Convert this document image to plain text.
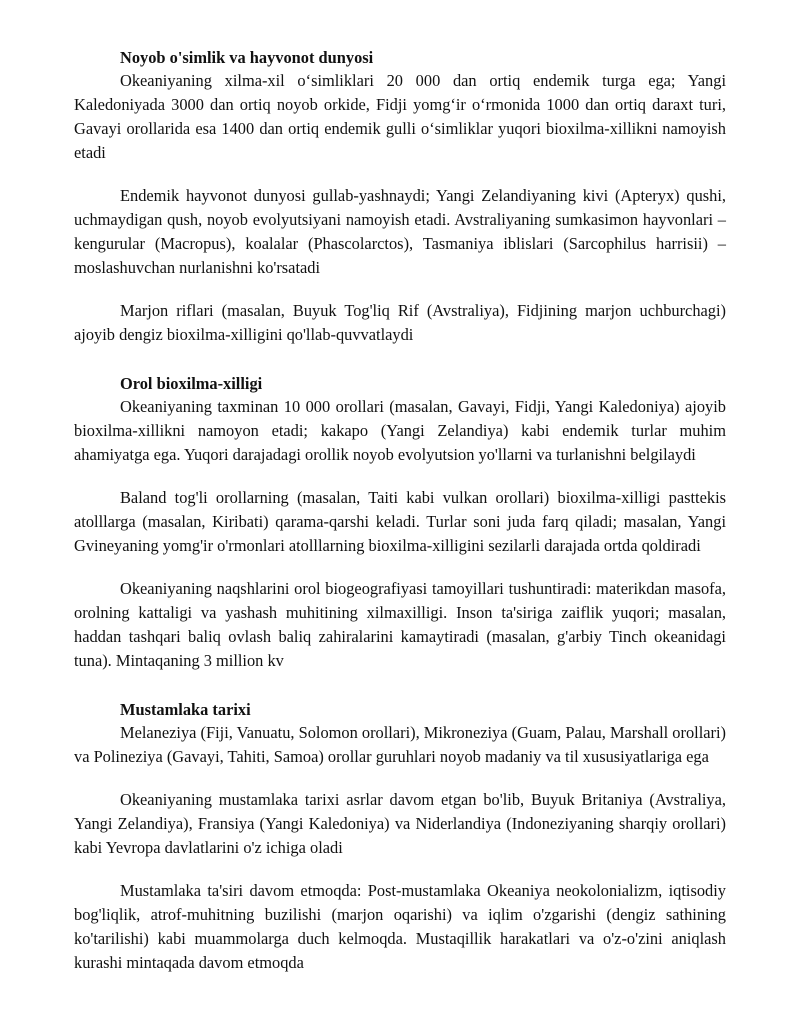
Noyob o'simlik va hayvonot dunyosi

Okeaniyaning xilma-xil o‘simliklari 20 000 dan ortiq endemik turga ega; Yangi Kaledoniyada 3000 dan ortiq noyob orkide, Fidji yomg‘ir o‘rmonida 1000 dan ortiq daraxt turi, Gavayi orollarida esa 1400 dan ortiq endemik gulli o‘simliklar yuqori bioxilma-xillikni namoyish etadi

Endemik hayvonot dunyosi gullab-yashnaydi; Yangi Zelandiyaning kivi (Apteryx) qushi, uchmaydigan qush, noyob evolyutsiyani namoyish etadi. Avstraliyaning sumkasimon hayvonlari – kengurular (Macropus), koalalar (Phascolarctos), Tasmaniya iblislari (Sarcophilus harrisii) – moslashuvchan nurlanishni ko'rsatadi

Marjon riflari (masalan, Buyuk Tog'liq Rif (Avstraliya), Fidjining marjon uchburchagi) ajoyib dengiz bioxilma-xilligini qo'llab-quvvatlaydi

Orol bioxilma-xilligi

Okeaniyaning taxminan 10 000 orollari (masalan, Gavayi, Fidji, Yangi Kaledoniya) ajoyib bioxilma-xillikni namoyon etadi; kakapo (Yangi Zelandiya) kabi endemik turlar muhim ahamiyatga ega. Yuqori darajadagi orollik noyob evolyutsion yo'llarni va turlanishni belgilaydi

Baland tog'li orollarning (masalan, Taiti kabi vulkan orollari) bioxilma-xilligi pasttekis atolllarga (masalan, Kiribati) qarama-qarshi keladi. Turlar soni juda farq qiladi; masalan, Yangi Gvineyaning yomg'ir o'rmonlari atolllarning bioxilma-xilligini sezilarli darajada ortda qoldiradi

Okeaniyaning naqshlarini orol biogeografiyasi tamoyillari tushuntiradi: materikdan masofa, orolning kattaligi va yashash muhitining xilmaxilligi. Inson ta'siriga zaiflik yuqori; masalan, haddan tashqari baliq ovlash baliq zahiralarini kamaytiradi (masalan, g'arbiy Tinch okeanidagi tuna). Mintaqaning 3 million kv

Mustamlaka tarixi

Melaneziya (Fiji, Vanuatu, Solomon orollari), Mikroneziya (Guam, Palau, Marshall orollari) va Polineziya (Gavayi, Tahiti, Samoa) orollar guruhlari noyob madaniy va til xususiyatlariga ega

Okeaniyaning mustamlaka tarixi asrlar davom etgan bo'lib, Buyuk Britaniya (Avstraliya, Yangi Zelandiya), Fransiya (Yangi Kaledoniya) va Niderlandiya (Indoneziyaning sharqiy orollari) kabi Yevropa davlatlarini o'z ichiga oladi

Mustamlaka ta'siri davom etmoqda: Post-mustamlaka Okeaniya neokolonializm, iqtisodiy bog'liqlik, atrof-muhitning buzilishi (marjon oqarishi) va iqlim o'zgarishi (dengiz sathining ko'tarilishi) kabi muammolarga duch kelmoqda. Mustaqillik harakatlari va o'z-o'zini aniqlash kurashi mintaqada davom etmoqda
